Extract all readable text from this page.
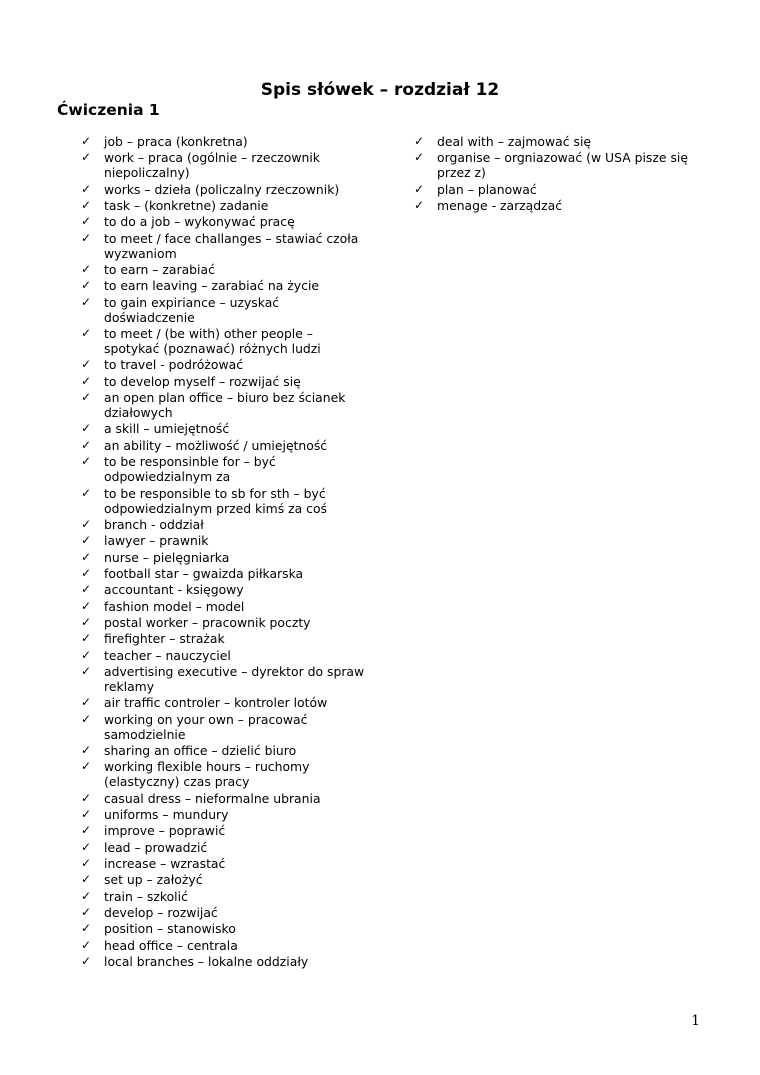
Spis słówek – rozdział 12
Ćwiczenia 1
✓ job – praca (konkretna)
✓ work – praca (ogólnie – rzeczownik niepoliczalny)
✓ works – dzieła (policzalny rzeczownik)
✓ task – (konkretne) zadanie
✓ to do a job – wykonywać pracę
✓ to meet / face challanges – stawiać czoła wyzwaniom
✓ to earn – zarabiać
✓ to earn leaving – zarabiać na życie
✓ to gain expiriance – uzyskać doświadczenie
✓ to meet / (be with) other people – spotykać (poznawać) różnych ludzi
✓ to travel - podróżować
✓ to develop myself – rozwijać się
✓ an open plan office – biuro bez ścianek działowych
✓ a skill – umiejętność
✓ an ability – możliwość / umiejętność
✓ to be responsinble for – być odpowiedzialnym za
✓ to be responsible to sb for sth – być odpowiedzialnym przed kimś za coś
✓ branch - oddział
✓ lawyer – prawnik
✓ nurse – pielęgniarka
✓ football star – gwaizda piłkarska
✓ accountant - księgowy
✓ fashion model – model
✓ postal worker – pracownik poczty
✓ firefighter – strażak
✓ teacher – nauczyciel
✓ advertising executive – dyrektor do spraw reklamy
✓ air traffic controler – kontroler lotów
✓ working on your own – pracować samodzielnie
✓ sharing an office – dzielić biuro
✓ working flexible hours – ruchomy (elastyczny) czas pracy
✓ casual dress – nieformalne ubrania
✓ uniforms – mundury
✓ improve – poprawić
✓ lead – prowadzić
✓ increase – wzrastać
✓ set up – założyć
✓ train – szkolić
✓ develop – rozwijać
✓ position – stanowisko
✓ head office – centrala
✓ local branches – lokalne oddziały
✓ deal with – zajmować się
✓ organise – orgniazować (w USA pisze się przez z)
✓ plan – planować
✓ menage - zarządzać
1
